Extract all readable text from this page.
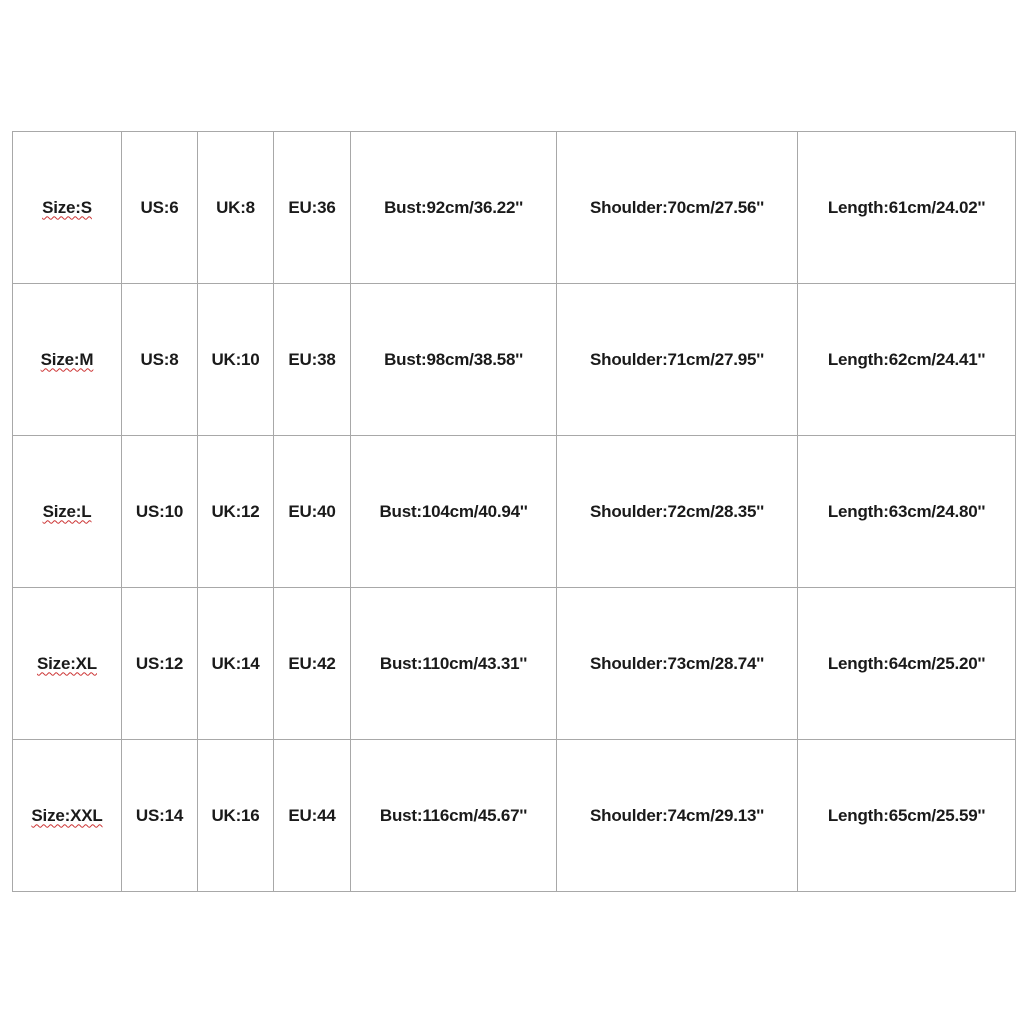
Size:S	US:6	UK:8	EU:36	Bust:92cm/36.22''	Shoulder:70cm/27.56''	Length:61cm/24.02''
Size:M	US:8	UK:10	EU:38	Bust:98cm/38.58''	Shoulder:71cm/27.95''	Length:62cm/24.41''
Size:L	US:10	UK:12	EU:40	Bust:104cm/40.94''	Shoulder:72cm/28.35''	Length:63cm/24.80''
Size:XL	US:12	UK:14	EU:42	Bust:110cm/43.31''	Shoulder:73cm/28.74''	Length:64cm/25.20''
Size:XXL	US:14	UK:16	EU:44	Bust:116cm/45.67''	Shoulder:74cm/29.13''	Length:65cm/25.59''
